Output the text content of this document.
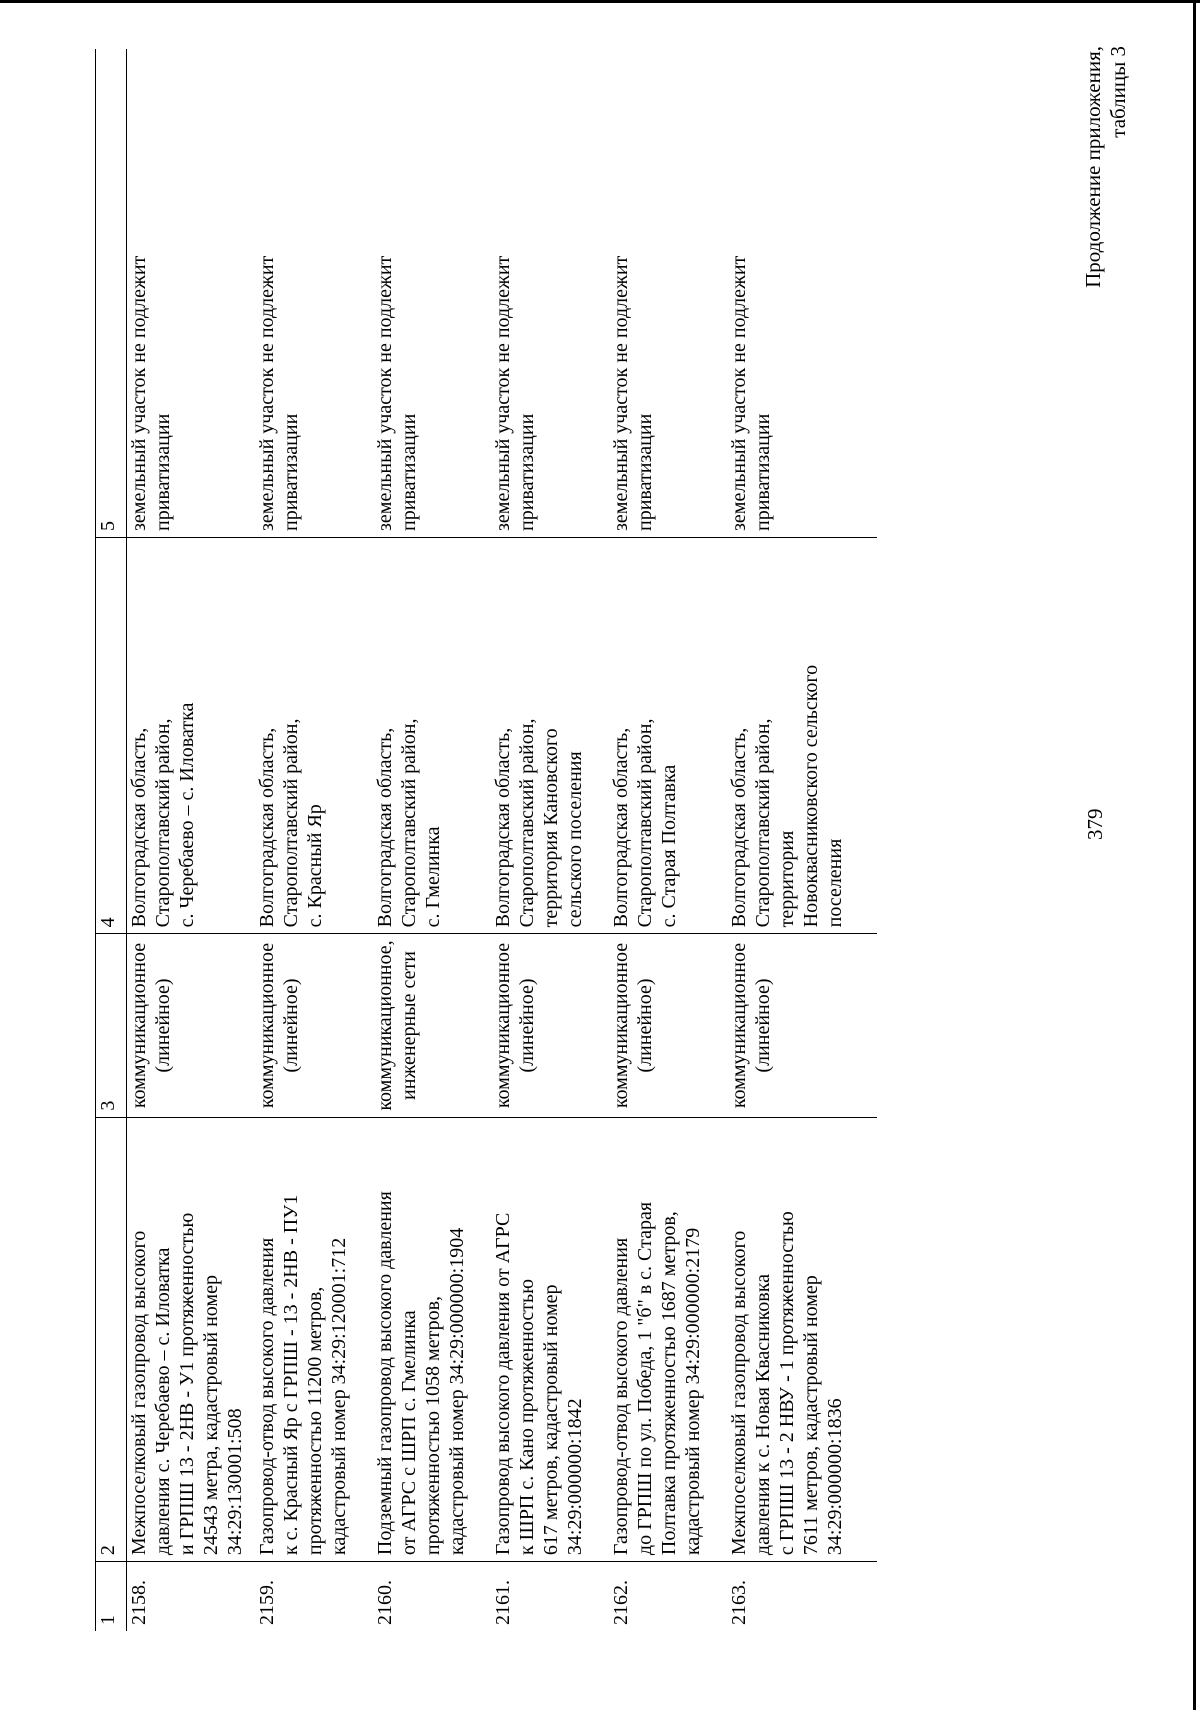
Продолжение приложения,
таблицы 3
379
1	2	3	4	5
2158.	Межпоселковый газопровод высокого
давления с. Черебаево – с. Иловатка
и ГРПШ 13 - 2НВ - У1 протяженностью
24543 метра, кадастровый номер
34:29:130001:508	коммуникационное
(линейное)	Волгоградская область,
Старополтавский район,
с. Черебаево – с. Иловатка	земельный участок не подлежит
приватизации
2159.	Газопровод-отвод высокого давления
к с. Красный Яр с ГРПШ - 13 - 2НВ - ПУ1
протяженностью 11200 метров,
кадастровый номер 34:29:120001:712	коммуникационное
(линейное)	Волгоградская область,
Старополтавский район,
с. Красный Яр	земельный участок не подлежит
приватизации
2160.	Подземный газопровод высокого давления
от АГРС с ШРП с. Гмелинка
протяженностью 1058 метров,
кадастровый номер 34:29:000000:1904	коммуникационное,
инженерные сети	Волгоградская область,
Старополтавский район,
с. Гмелинка	земельный участок не подлежит
приватизации
2161.	Газопровод высокого давления от АГРС
к ШРП с. Кано протяженностью
617 метров, кадастровый номер
34:29:000000:1842	коммуникационное
(линейное)	Волгоградская область,
Старополтавский район,
территория Кановского
сельского поселения	земельный участок не подлежит
приватизации
2162.	Газопровод-отвод высокого давления
до ГРПШ по ул. Победа, 1 "б" в с. Старая
Полтавка протяженностью 1687 метров,
кадастровый номер 34:29:000000:2179	коммуникационное
(линейное)	Волгоградская область,
Старополтавский район,
с. Старая Полтавка	земельный участок не подлежит
приватизации
2163.	Межпоселковый газопровод высокого
давления к с. Новая Квасниковка
с ГРПШ 13 - 2 НВУ - 1 протяженностью
7611 метров, кадастровый номер
34:29:000000:1836	коммуникационное
(линейное)	Волгоградская область,
Старополтавский район,
территория
Новоквасниковского сельского
поселения	земельный участок не подлежит
приватизации
